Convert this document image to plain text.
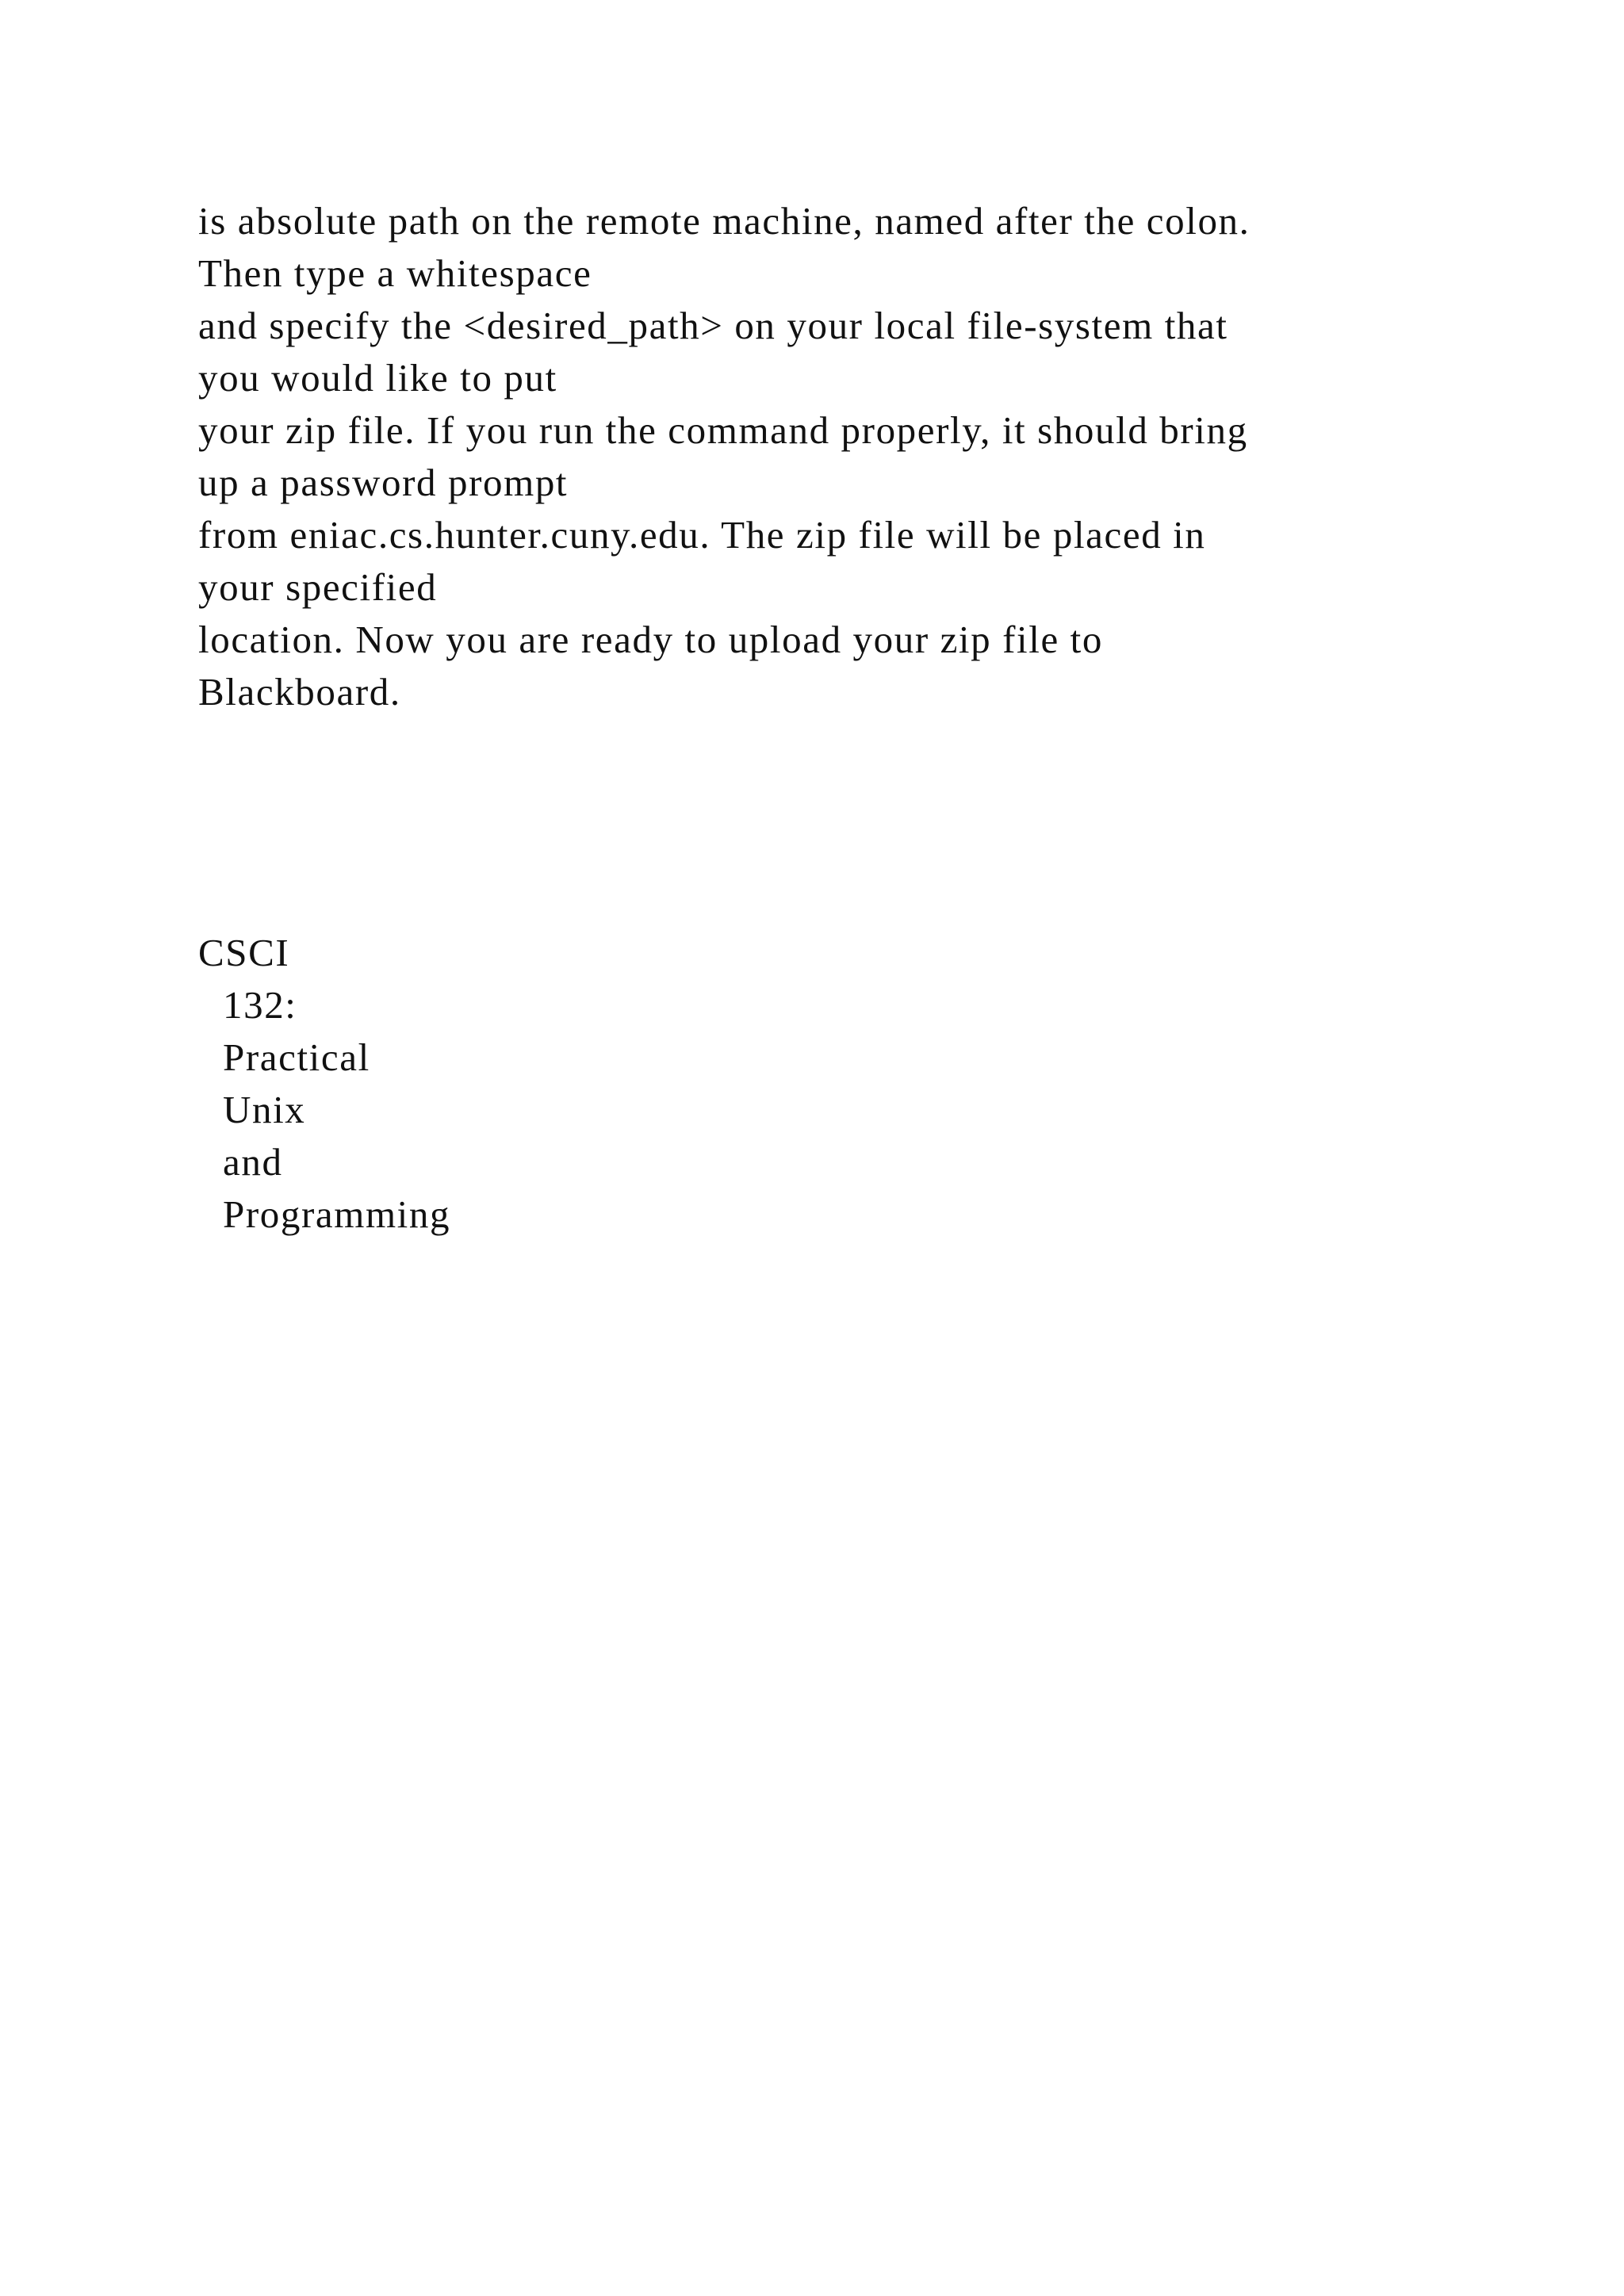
is absolute path on the remote machine, named after the colon.
Then type a whitespace
and specify the <desired_path> on your local file-system that
you would like to put
your zip file. If you run the command properly, it should bring
up a password prompt
from eniac.cs.hunter.cuny.edu. The zip file will be placed in
your specified
location. Now you are ready to upload your zip file to
Blackboard.
CSCI
132:
Practical
Unix
and
Programming
